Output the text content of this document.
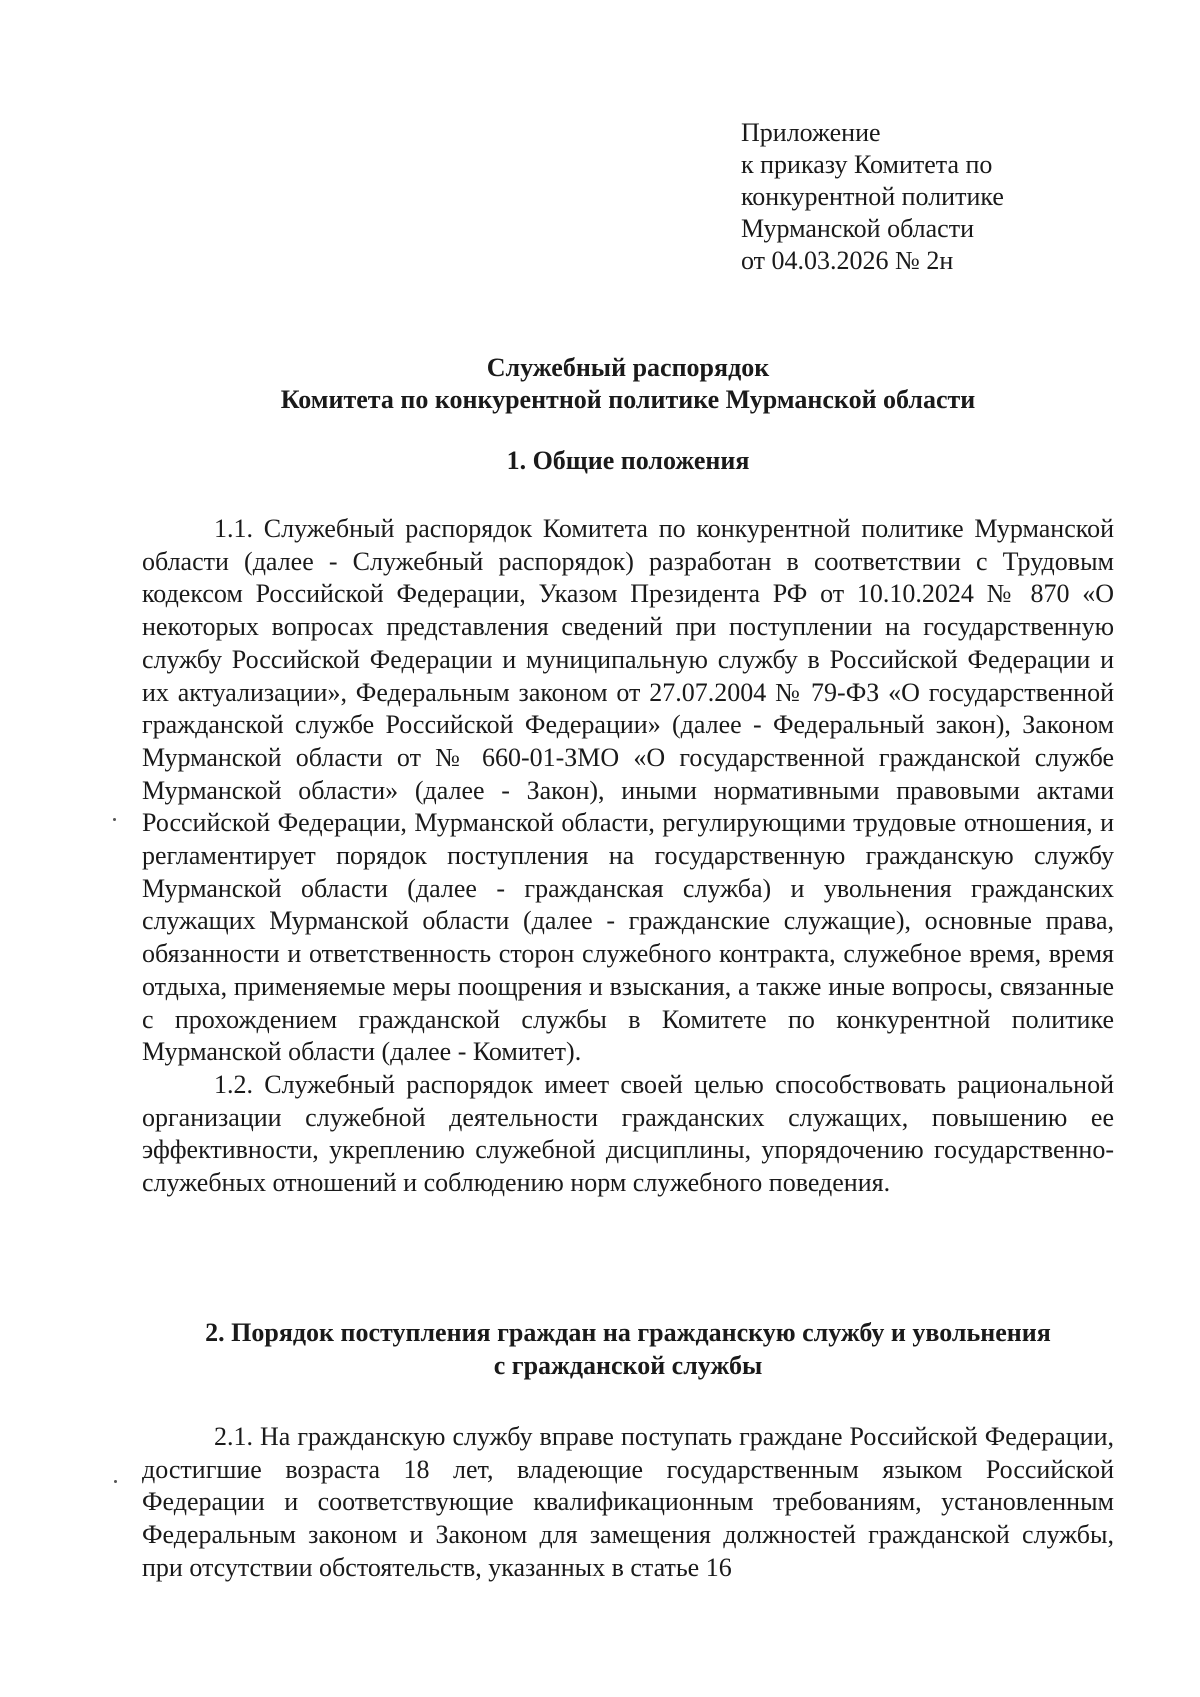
Приложение
к приказу Комитета по
конкурентной политике
Мурманской области
от 04.03.2026 № 2н
Служебный распорядок
Комитета по конкурентной политике Мурманской области
1. Общие положения

1.1. Служебный распорядок Комитета по конкурентной политике Мурманской области (далее - Служебный распорядок) разработан в соответствии с Трудовым кодексом Российской Федерации, Указом Президента РФ от 10.10.2024 № 870 «О некоторых вопросах представления сведений при поступлении на государственную службу Российской Федерации и муниципальную службу в Российской Федерации и их актуализации», Федеральным законом от 27.07.2004 № 79-ФЗ «О государственной гражданской службе Российской Федерации» (далее - Федеральный закон), Законом Мурманской области от № 660-01-ЗМО «О государственной гражданской службе Мурманской области» (далее - Закон), иными нормативными правовыми актами Российской Федерации, Мурманской области, регулирующими трудовые отношения, и регламентирует порядок поступления на государственную гражданскую службу Мурманской области (далее - гражданская служба) и увольнения гражданских служащих Мурманской области (далее - гражданские служащие), основные права, обязанности и ответственность сторон служебного контракта, служебное время, время отдыха, применяемые меры поощрения и взыскания, а также иные вопросы, связанные с прохождением гражданской службы в Комитете по конкурентной политике Мурманской области (далее - Комитет).

1.2. Служебный распорядок имеет своей целью способствовать рациональной организации служебной деятельности гражданских служащих, повышению ее эффективности, укреплению служебной дисциплины, упорядочению государственно-служебных отношений и соблюдению норм служебного поведения.

2. Порядок поступления граждан на гражданскую службу и увольнения
с гражданской службы

2.1. На гражданскую службу вправе поступать граждане Российской Федерации, достигшие возраста 18 лет, владеющие государственным языком Российской Федерации и соответствующие квалификационным требованиям, установленным Федеральным законом и Законом для замещения должностей гражданской службы, при отсутствии обстоятельств, указанных в статье 16
